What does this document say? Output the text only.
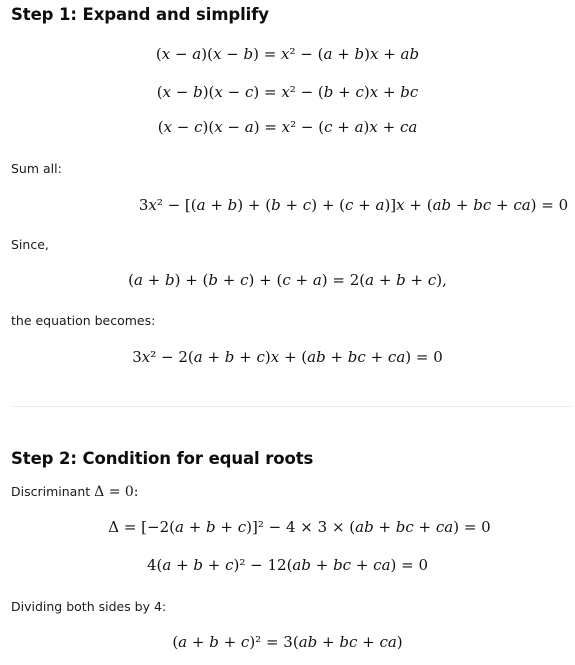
Step 1: Expand and simplify
(𝑥 − 𝑎)(𝑥 − 𝑏) = 𝑥² − (𝑎 + 𝑏)𝑥 + 𝑎𝑏
(𝑥 − 𝑏)(𝑥 − 𝑐) = 𝑥² − (𝑏 + 𝑐)𝑥 + 𝑏𝑐
(𝑥 − 𝑐)(𝑥 − 𝑎) = 𝑥² − (𝑐 + 𝑎)𝑥 + 𝑐𝑎
Sum all:
3𝑥² − [(𝑎 + 𝑏) + (𝑏 + 𝑐) + (𝑐 + 𝑎)]𝑥 + (𝑎𝑏 + 𝑏𝑐 + 𝑐𝑎) = 0
Since,
(𝑎 + 𝑏) + (𝑏 + 𝑐) + (𝑐 + 𝑎) = 2(𝑎 + 𝑏 + 𝑐),
the equation becomes:
3𝑥² − 2(𝑎 + 𝑏 + 𝑐)𝑥 + (𝑎𝑏 + 𝑏𝑐 + 𝑐𝑎) = 0
Step 2: Condition for equal roots
Discriminant Δ = 0:
Δ = [−2(𝑎 + 𝑏 + 𝑐)]² − 4 × 3 × (𝑎𝑏 + 𝑏𝑐 + 𝑐𝑎) = 0
4(𝑎 + 𝑏 + 𝑐)² − 12(𝑎𝑏 + 𝑏𝑐 + 𝑐𝑎) = 0
Dividing both sides by 4:
(𝑎 + 𝑏 + 𝑐)² = 3(𝑎𝑏 + 𝑏𝑐 + 𝑐𝑎)
